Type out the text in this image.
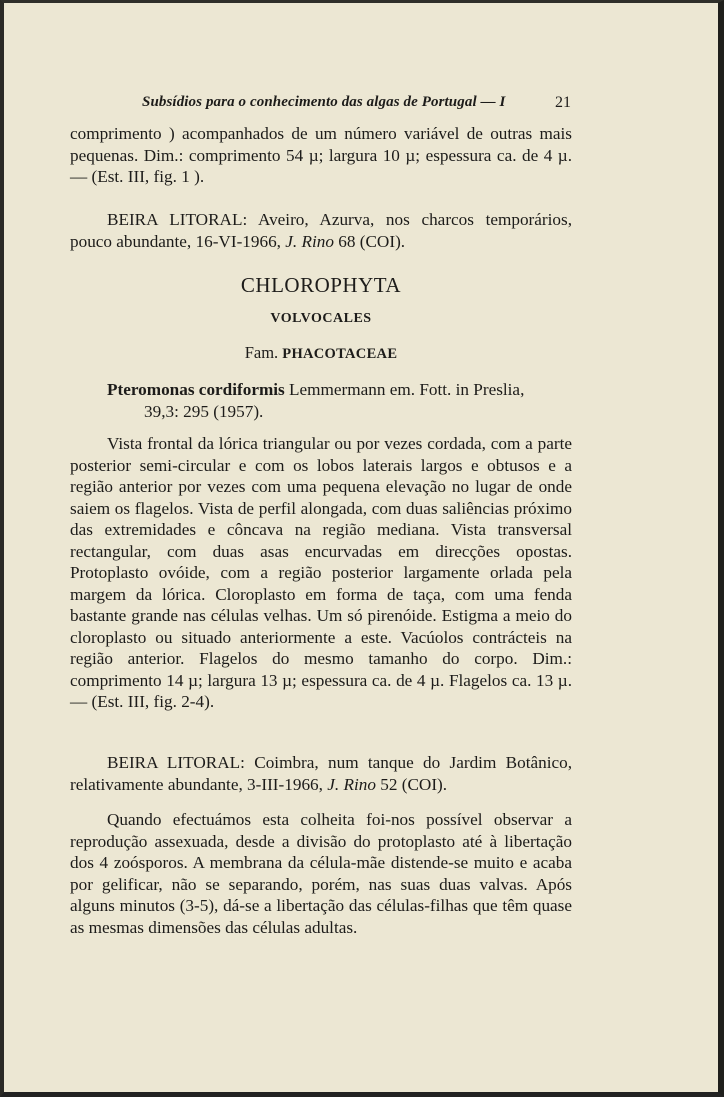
Subsídios para o conhecimento das algas de Portugal — I	21
comprimento ) acompanhados de um número variável de outras mais pequenas. Dim.: comprimento 54 µ; largura 10 µ; espessura ca. de 4 µ. — (Est. III, fig. 1 ).
BEIRA LITORAL: Aveiro, Azurva, nos charcos temporários, pouco abundante, 16-VI-1966, J. Rino 68 (COI).
CHLOROPHYTA
VOLVOCALES
Fam. PHACOTACEAE
Pteromonas cordiformis Lemmermann em. Fott. in Preslia,
39,3: 295 (1957).
Vista frontal da lórica triangular ou por vezes cordada, com a parte posterior semi-circular e com os lobos laterais largos e obtusos e a região anterior por vezes com uma pequena elevação no lugar de onde saiem os flagelos. Vista de perfil alongada, com duas saliências próximo das extremidades e côncava na região mediana. Vista transversal rectangular, com duas asas encurvadas em direcções opostas. Protoplasto ovóide, com a região posterior largamente orlada pela margem da lórica. Cloroplasto em forma de taça, com uma fenda bastante grande nas células velhas. Um só pirenóide. Estigma a meio do cloroplasto ou situado anteriormente a este. Vacúolos contrácteis na região anterior. Flagelos do mesmo tamanho do corpo. Dim.: comprimento 14 µ; largura 13 µ; espessura ca. de 4 µ. Flagelos ca. 13 µ. — (Est. III, fig. 2-4).
BEIRA LITORAL: Coimbra, num tanque do Jardim Botânico, relativamente abundante, 3-III-1966, J. Rino 52 (COI).
Quando efectuámos esta colheita foi-nos possível observar a reprodução assexuada, desde a divisão do protoplasto até à libertação dos 4 zoósporos. A membrana da célula-mãe distende-se muito e acaba por gelificar, não se separando, porém, nas suas duas valvas. Após alguns minutos (3-5), dá-se a libertação das células-filhas que têm quase as mesmas dimensões das células adultas.
